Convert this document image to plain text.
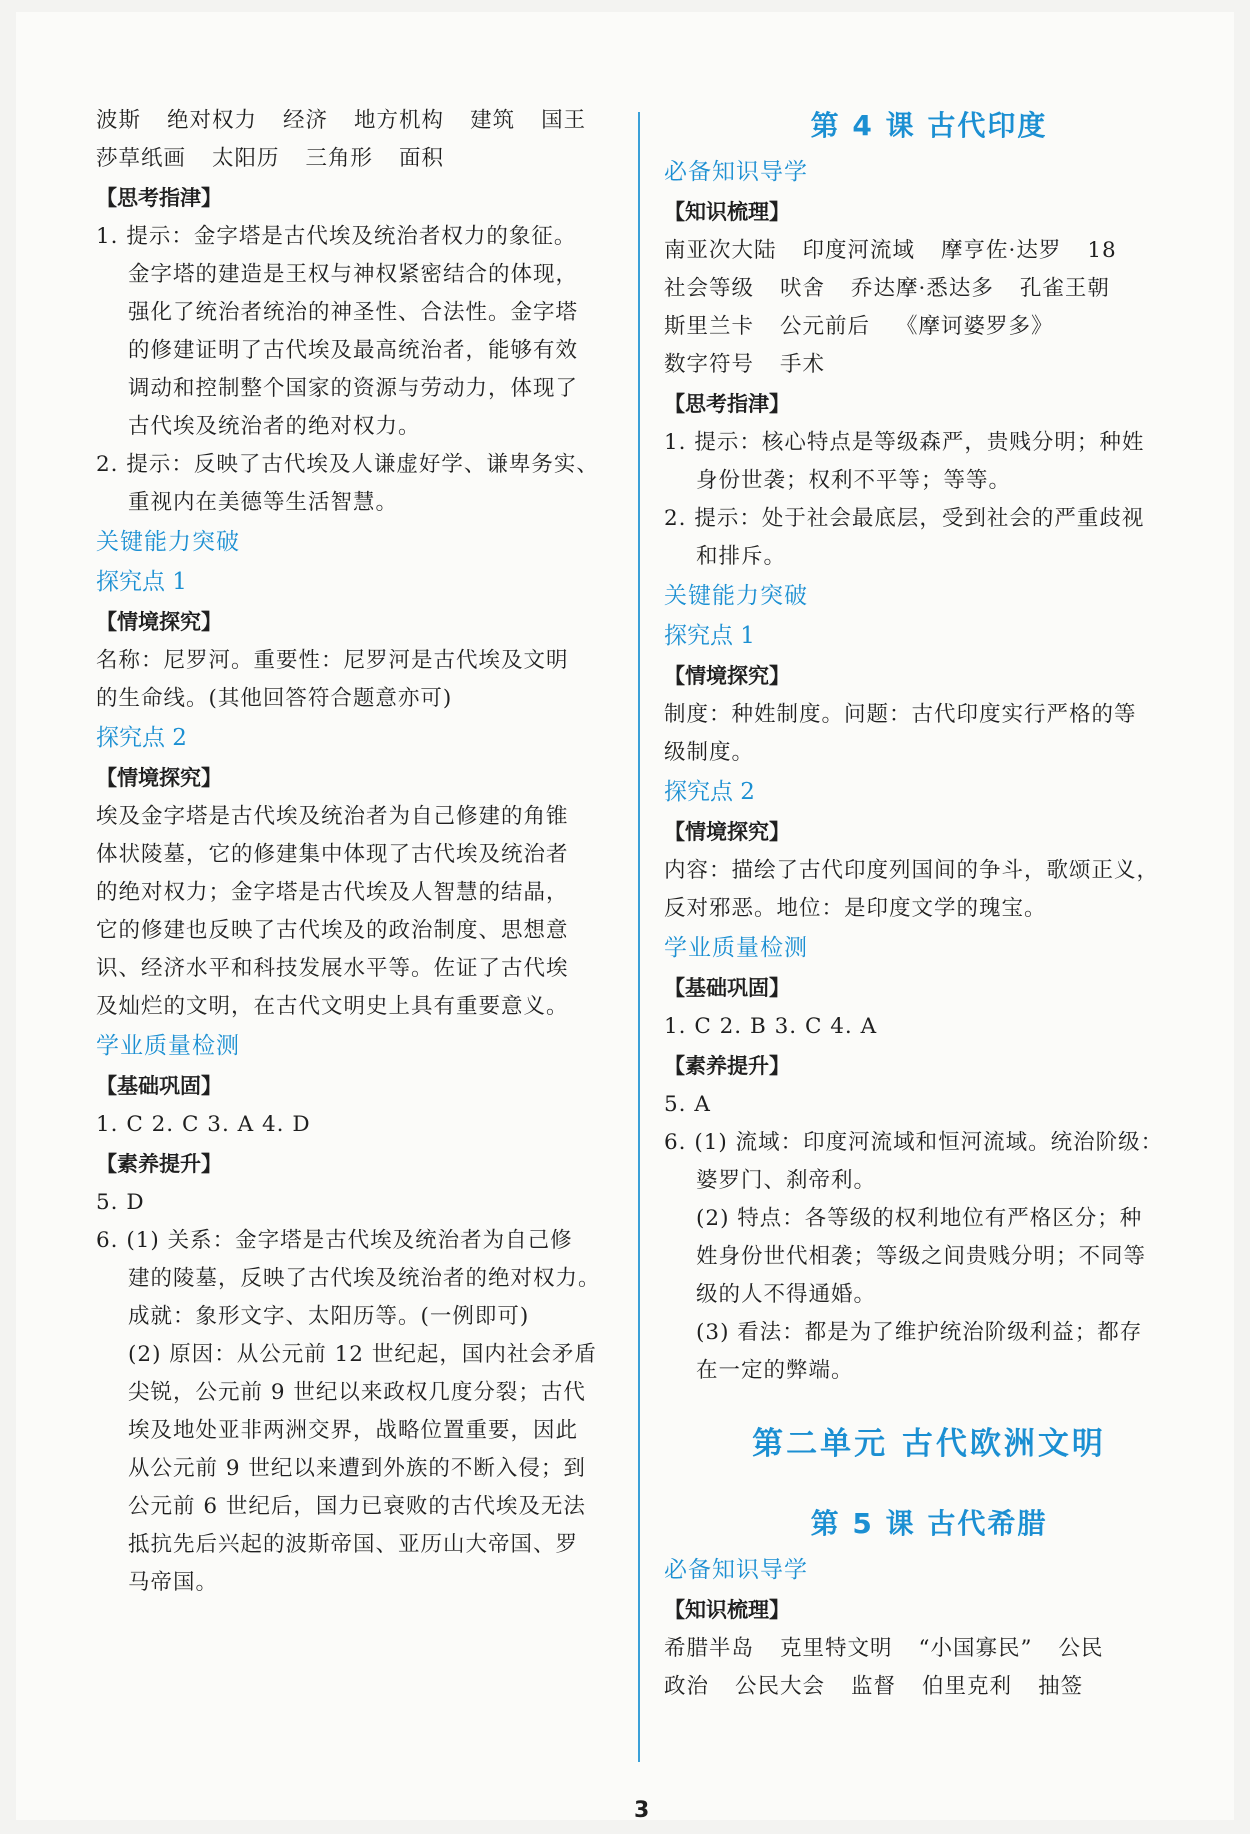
波斯 绝对权力 经济 地方机构 建筑 国王
莎草纸画 太阳历 三角形 面积
【思考指津】
1. 提示：金字塔是古代埃及统治者权力的象征。
金字塔的建造是王权与神权紧密结合的体现，
强化了统治者统治的神圣性、合法性。金字塔
的修建证明了古代埃及最高统治者，能够有效
调动和控制整个国家的资源与劳动力，体现了
古代埃及统治者的绝对权力。
2. 提示：反映了古代埃及人谦虚好学、谦卑务实、
重视内在美德等生活智慧。
关键能力突破
探究点 1
【情境探究】
名称：尼罗河。重要性：尼罗河是古代埃及文明
的生命线。(其他回答符合题意亦可)
探究点 2
【情境探究】
埃及金字塔是古代埃及统治者为自己修建的角锥
体状陵墓，它的修建集中体现了古代埃及统治者
的绝对权力；金字塔是古代埃及人智慧的结晶，
它的修建也反映了古代埃及的政治制度、思想意
识、经济水平和科技发展水平等。佐证了古代埃
及灿烂的文明，在古代文明史上具有重要意义。
学业质量检测
【基础巩固】
1. C 2. C 3. A 4. D
【素养提升】
5. D
6. (1) 关系：金字塔是古代埃及统治者为自己修
建的陵墓，反映了古代埃及统治者的绝对权力。
成就：象形文字、太阳历等。(一例即可)
(2) 原因：从公元前 12 世纪起，国内社会矛盾
尖锐，公元前 9 世纪以来政权几度分裂；古代
埃及地处亚非两洲交界，战略位置重要，因此
从公元前 9 世纪以来遭到外族的不断入侵；到
公元前 6 世纪后，国力已衰败的古代埃及无法
抵抗先后兴起的波斯帝国、亚历山大帝国、罗
马帝国。
第 4 课 古代印度
必备知识导学
【知识梳理】
南亚次大陆 印度河流域 摩亨佐·达罗 18
社会等级 吠舍 乔达摩·悉达多 孔雀王朝
斯里兰卡 公元前后 《摩诃婆罗多》
数字符号 手术
【思考指津】
1. 提示：核心特点是等级森严，贵贱分明；种姓
身份世袭；权利不平等；等等。
2. 提示：处于社会最底层，受到社会的严重歧视
和排斥。
关键能力突破
探究点 1
【情境探究】
制度：种姓制度。问题：古代印度实行严格的等
级制度。
探究点 2
【情境探究】
内容：描绘了古代印度列国间的争斗，歌颂正义，
反对邪恶。地位：是印度文学的瑰宝。
学业质量检测
【基础巩固】
1. C 2. B 3. C 4. A
【素养提升】
5. A
6. (1) 流域：印度河流域和恒河流域。统治阶级：
婆罗门、刹帝利。
(2) 特点：各等级的权利地位有严格区分；种
姓身份世代相袭；等级之间贵贱分明；不同等
级的人不得通婚。
(3) 看法：都是为了维护统治阶级利益；都存
在一定的弊端。
第二单元 古代欧洲文明
第 5 课 古代希腊
必备知识导学
【知识梳理】
希腊半岛 克里特文明 “小国寡民” 公民
政治 公民大会 监督 伯里克利 抽签
3
